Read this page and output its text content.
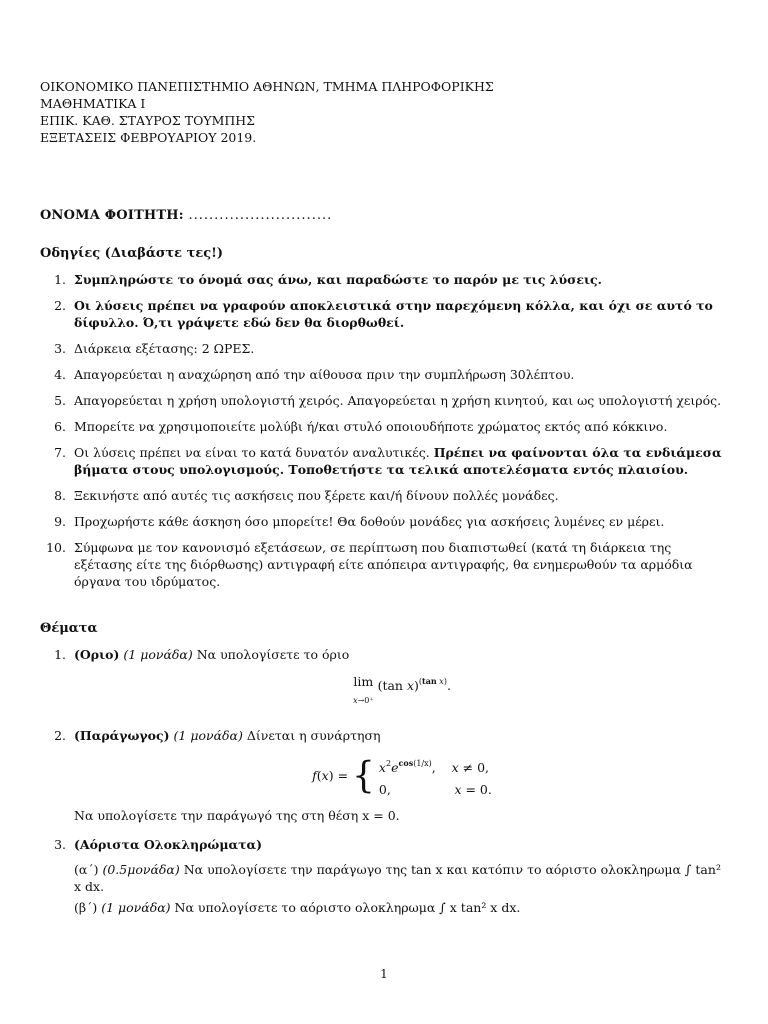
ΟΙΚΟΝΟΜΙΚΟ ΠΑΝΕΠΙΣΤΗΜΙΟ ΑΘΗΝΩΝ, ΤΜΗΜΑ ΠΛΗΡΟΦΟΡΙΚΗΣ
ΜΑΘΗΜΑΤΙΚΑ Ι
ΕΠΙΚ. ΚΑΘ. ΣΤΑΥΡΟΣ ΤΟΥΜΠΗΣ
ΕΞΕΤΑΣΕΙΣ ΦΕΒΡΟΥΑΡΙΟΥ 2019.
ΟΝΟΜΑ ΦΟΙΤΗΤΗ: ............................
Οδηγίες (Διαβάστε τες!)
1. Συμπληρώστε το όνομά σας άνω, και παραδώστε το παρόν με τις λύσεις.
2. Οι λύσεις πρέπει να γραφούν αποκλειστικά στην παρεχόμενη κόλλα, και όχι σε αυτό το δίφυλλο. Ό,τι γράψετε εδώ δεν θα διορθωθεί.
3. Διάρκεια εξέτασης: 2 ΩΡΕΣ.
4. Απαγορεύεται η αναχώρηση από την αίθουσα πριν την συμπλήρωση 30λέπτου.
5. Απαγορεύεται η χρήση υπολογιστή χειρός. Απαγορεύεται η χρήση κινητού, και ως υπολογιστή χειρός.
6. Μπορείτε να χρησιμοποιείτε μολύβι ή/και στυλό οποιουδήποτε χρώματος εκτός από κόκκινο.
7. Οι λύσεις πρέπει να είναι το κατά δυνατόν αναλυτικές. Πρέπει να φαίνονται όλα τα ενδιάμεσα βήματα στους υπολογισμούς. Τοποθετήστε τα τελικά αποτελέσματα εντός πλαισίου.
8. Ξεκινήστε από αυτές τις ασκήσεις που ξέρετε και/ή δίνουν πολλές μονάδες.
9. Προχωρήστε κάθε άσκηση όσο μπορείτε! Θα δοθούν μονάδες για ασκήσεις λυμένες εν μέρει.
10. Σύμφωνα με τον κανονισμό εξετάσεων, σε περίπτωση που διαπιστωθεί (κατά τη διάρκεια της εξέτασης είτε της διόρθωσης) αντιγραφή είτε απόπειρα αντιγραφής, θα ενημερωθούν τα αρμόδια όργανα του ιδρύματος.
Θέματα
1. (Οριο) (1 μονάδα) Να υπολογίσετε το όριο
lim
x→0⁺ (tan x)$^{(tan x)}$.
2. (Παράγωγος) (1 μονάδα) Δίνεται η συνάρτηση
f(x) = { $x^2e^{cos(1/x)}$,    x ≠ 0,
0,                x = 0.
Να υπολογίσετε την παράγωγό της στη θέση x = 0.
3. (Αόριστα Ολοκληρώματα)
(α΄) (0.5μονάδα) Να υπολογίσετε την παράγωγο της tan x και κατόπιν το αόριστο ολοκληρωμα ∫ tan² x dx.
(β΄) (1 μονάδα) Να υπολογίσετε το αόριστο ολοκληρωμα ∫ x tan² x dx.
1
